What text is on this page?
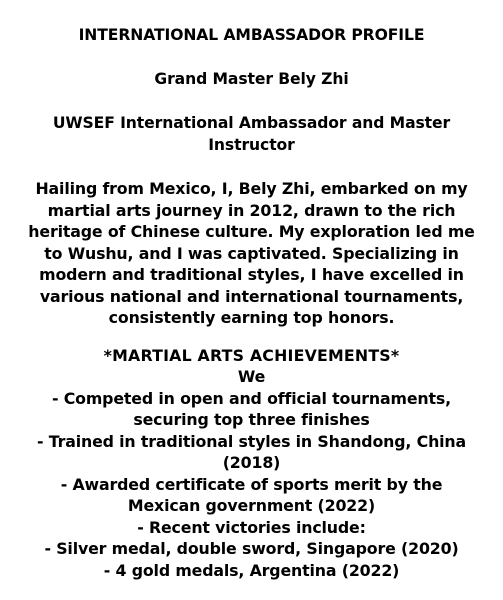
INTERNATIONAL AMBASSADOR PROFILE
Grand Master Bely Zhi
UWSEF International Ambassador and Master
Instructor
Hailing from Mexico, I, Bely Zhi, embarked on my
martial arts journey in 2012, drawn to the rich
heritage of Chinese culture. My exploration led me
to Wushu, and I was captivated. Specializing in
modern and traditional styles, I have excelled in
various national and international tournaments,
consistently earning top honors.
*MARTIAL ARTS ACHIEVEMENTS*
We
- Competed in open and official tournaments,
securing top three finishes
- Trained in traditional styles in Shandong, China
(2018)
- Awarded certificate of sports merit by the
Mexican government (2022)
- Recent victories include:
- Silver medal, double sword, Singapore (2020)
- 4 gold medals, Argentina (2022)
